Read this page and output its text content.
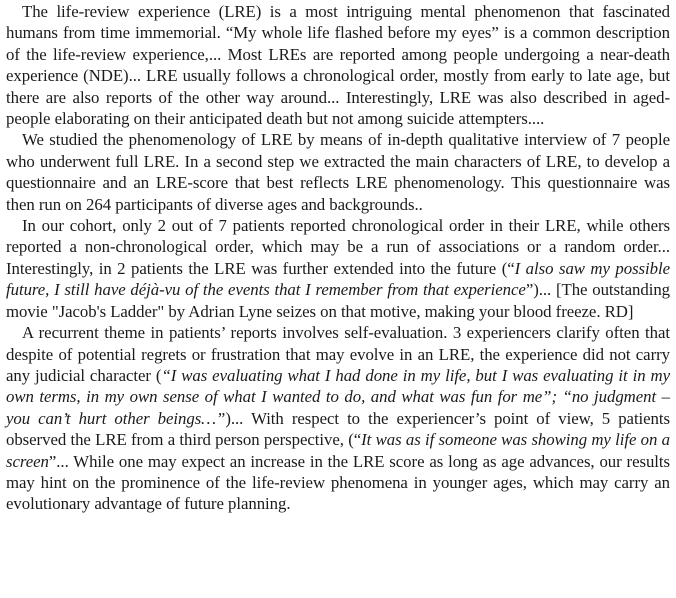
The life-review experience (LRE) is a most intriguing mental phenomenon that fascinated humans from time immemorial. “My whole life flashed before my eyes” is a common description of the life-review experience,... Most LREs are reported among people undergoing a near-death experience (NDE)... LRE usually follows a chronological order, mostly from early to late age, but there are also reports of the other way around... Interestingly, LRE was also described in aged-people elaborating on their anticipated death but not among suicide attempters....

We studied the phenomenology of LRE by means of in-depth qualitative interview of 7 people who underwent full LRE. In a second step we extracted the main characters of LRE, to develop a questionnaire and an LRE-score that best reflects LRE phenomenology. This questionnaire was then run on 264 participants of diverse ages and backgrounds..

In our cohort, only 2 out of 7 patients reported chronological order in their LRE, while others reported a non-chronological order, which may be a run of associations or a random order... Interestingly, in 2 patients the LRE was further extended into the future (“I also saw my possible future, I still have déjà-vu of the events that I remember from that experience”)... [The outstanding movie "Jacob's Ladder" by Adrian Lyne seizes on that motive, making your blood freeze. RD]

A recurrent theme in patients’ reports involves self-evaluation. 3 experiencers clarify often that despite of potential regrets or frustration that may evolve in an LRE, the experience did not carry any judicial character (“I was evaluating what I had done in my life, but I was evaluating it in my own terms, in my own sense of what I wanted to do, and what was fun for me”; “no judgment – you can’t hurt other beings…”)... With respect to the experiencer’s point of view, 5 patients observed the LRE from a third person perspective, (“It was as if someone was showing my life on a screen”... While one may expect an increase in the LRE score as long as age advances, our results may hint on the prominence of the life-review phenomena in younger ages, which may carry an evolutionary advantage of future planning.
